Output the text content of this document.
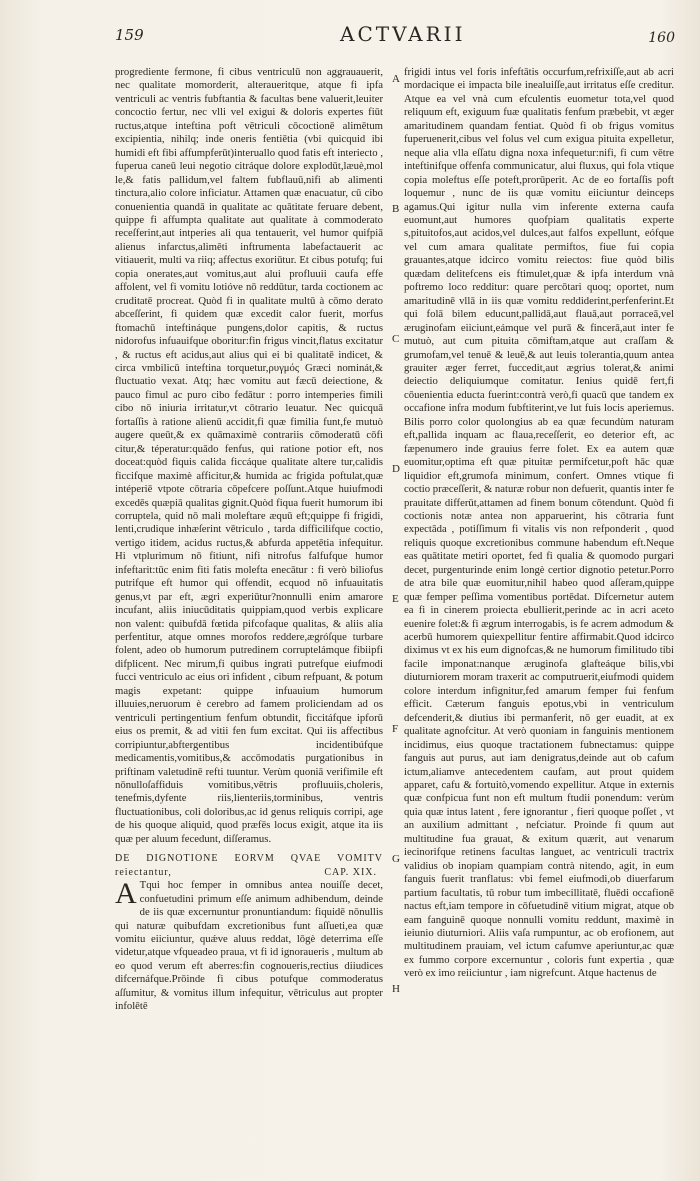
159	ACTVARII	160

progrediente fermone, fi cibus ventriculū non aggrauauerit, nec qualitate momorderit, alteraueritque, atque fi ipfa ventriculi ac ventris fubftantia & facultas bene valuerit,leuiter concoctio fertur, nec vlli vel exigui & doloris expertes fiūt ructus,atque inteftina poft vētriculi cōcoctionē alimētum excipientia, nihilq; inde oneris fentiētia (vbi quicquid ibi humidi eft fibi affumpferūt)interuallo quod fatis eft interiecto , fuperua caneū leui negotio citráque dolore explodūt,læuè,mol le,& fatis pallidum,vel faltem fubflauū,nifi ab alimenti tinctura,alio colore inficiatur. Attamen quæ enacuatur, cū cibo conuenientia quandā in qualitate ac quātitate feruare debent, quippe fi affumpta qualitate aut qualitate à commoderato receſferint,aut intperies ali qua tentauerit, vel humor quifpiā alienus infarctus,alimēti inftrumenta labefactauerit ac vitiauerit, multi va riiq; affectus exoriūtur. Et cibus potufq; fui copia onerates,aut vomitus,aut alui profluuii caufa effe affolent, vel fi vomitu lotióve nō reddūtur, tarda coctionem ac cruditatē procreat. Quòd fi in qualitate multū à cōmo derato abceſſerint, fi quidem quæ excedit calor fuerit, morfus ftomachū inteftináque pungens,dolor capitis, & ructus nidorofus infuauifque oboritur:fin frigus vincit,flatus excitatur , & ructus eft acidus,aut alius qui ei bi qualitatē indicet, & circa vmbilicū inteftina torquetur,ρυγμός Græci nominát,& fluctuatio vexat. Atq; hæc vomitu aut fæcū deiectione, & pauco fimul ac puro cibo fedātur : porro intemperies fimili cibo nō iniuria irritatur,vt cōtrario leuatur. Nec quicquā fortaſſis à ratione alienū accidit,fi quæ fimilia funt,fe mutuò augere queūt,& ex quāmaximè contrariis cōmoderatū cōfi citur,& téperatur:quādo fenfus, qui ratione potior eft, nos doceat:quòd fiquis calida ficcáque qualitate altere tur,calidis ficcifque maximè afficitur,& humida ac frigida poftulat,quæ intéperiē vtpote cōtraria cōpefcere poſſunt.Atque huiufmodi excedēs quæpiā qualitas gignit.Quòd fiqua fuerit humorum ibi corruptela, quid nō mali moleftare æquū eft;quippe fi frigidi, lenti,crudique inhæſerint vētriculo , tarda difficilifque coctio, vertigo itidem, acidus ructus,& abfurda appetētia infequitur. Hi vtplurimum nō fitiunt, nifi nitrofus falfufque humor infeftarit:tūc enim fiti fatis molefta enecātur : fi verò biliofus putrifque eft humor qui offendit, ecquod nō infuauitatis genus,vt par eft, ægri experiūtur?nonnulli enim amarore incufant, aliis iniucūditatis quippiam,quod verbis explicare non valent: quibufdā fœtida pifcofaque qualitas, & aliis alia perfentitur, atque omnes morofos reddere,ægróſque turbare folent, adeo ob humorum putredinem corruptelámque fibiipfi difplicent. Nec mirum,fi quibus ingrati putrefque eiufmodi fucci ventriculo ac eius ori infident , cibum refpuant, & potum magis expetant: quippe infuauium humorum illuuies,neruorum è cerebro ad famem proliciendam ad os ventriculi pertingentium fenfum obtundit, ficcitáfque ipforū eius os premit, & ad vitii fen fum excitat. Qui iis affectibus corripiuntur,abftergentibus incidentibúfque medicamentis,vomitibus,& accōmodatis purgationibus in priftinam valetudinē refti tuuntur. Verùm quoniā verifimile eft nōnulloſaffiduis vomitibus,vētris profluuiis,choleris, tenefmis,dyfente riis,lienteriis,torminibus, ventris fluctuationibus, coli doloribus,ac id genus reliquis corripi, age de his quoque aliquid, quod præfēs locus exigit, atque ita iis quæ per aluum fecedunt, diſſeramus.

DE DIGNOTIONE EORVM QVAE VOMITV reiectantur,	CAP. XIX.

A Tqui hoc femper in omnibus antea nouiſſe decet, confuetudini primum eſſe animum adhibendum, deinde de iis quæ excernuntur pronuntiandum: fiquidē nōnullis qui naturæ quibufdam excretionibus funt aſſueti,ea quæ vomitu eiiciuntur, quǽve aluus reddat, lōgè deterrima eſſe videtur,atque vfqueadeo praua, vt fi id ignoraueris , multum ab eo quod verum eft aberres:fin cognoueris,rectius diiudices difcernáfque.Prōinde fi cibus potufque commoderatus aſſumitur, & vomitus illum infequitur, vētriculus aut propter infolētē

A
B
C
D
E
F
G
H

frigidi intus vel foris infeftātis occurfum,refrixiſſe,aut ab acri mordacique ei impacta bile inealuiſſe,aut irritatus eſſe creditur. Atque ea vel vnà cum efculentis euometur tota,vel quod reliquum eft, exiguum fuæ qualitatis fenfum præbebit, vt æger amaritudinem quandam fentiat. Quòd fi ob frigus vomitus fuperuenerit,cibus vel folus vel cum exigua pituita expelletur, neque alia vlla eſſatu digna noxa infequetur:nifi, fi cum vētre inteftinifque offenfa communicatur, alui fluxus, qui fola vtique copia moleftus eſſe poteft,prorūperit. Ac de eo fortaſſis poft loquemur , nunc de iis quæ vomitu eiiciuntur deinceps agamus.Qui igitur nulla vim inferente externa caufa euomunt,aut humores quofpiam qualitatis experte s,pituitofos,aut acidos,vel dulces,aut falfos expellunt, eófque vel cum amara qualitate permiftos, fiue fui copia grauantes,atque idcirco vomitu reiectos: fiue quòd bilis quædam delitefcens eis ftimulet,quæ & ipfa interdum vnà poftremo loco redditur: quare percōtari quoq; oportet, num amaritudinē vllā in iis quæ vomitu reddiderint,perfenferint.Et qui folā bilem educunt,pallidā,aut flauā,aut porraceā,vel æruginofam eiiciunt,eámque vel purā & fincerā,aut inter fe mutuò, aut cum pituita cōmiftam,atque aut craſſam & grumofam,vel tenuē & leuē,& aut leuis tolerantia,quum antea grauiter æger ferret, fuccedit,aut ægrius tolerat,& animi deiectio deliquiumque comitatur. Ienius quidē fert,fi cōuenientia educta fuerint:contrà verò,fi quacū que tandem ex occafione infra modum fubftiterint,ve lut fuis locis aperiemus. Bilis porro color quolongius ab ea quæ fecundùm naturam eft,pallida inquam ac flaua,receſſerit, eo deterior eft, ac fæpenumero inde grauius ferre folet. Ex ea autem quæ euomitur,optima eft quæ pituitæ permifcetur,poft hāc quæ liquidior eft,grumofa minimum, confert. Omnes vtique fi coctio præceſſerit, & naturæ robur non defuerit, quantis inter fe prauitate differūt,attamen ad finem bonum cōtendunt. Quòd fi coctionis notæ antea non apparuerint, his cōtraria funt expectāda , potiſſimum fi vitalis vis non refponderit , quod reliquis quoque excretionibus commune habendum eft.Neque eas quātitate metiri oportet, fed fi qualia & quomodo purgari decet, purgenturinde enim longè certior dignotio petetur.Porro de atra bile quæ euomitur,nihil habeo quod aſſeram,quippe quæ femper peſſima vomentibus portēdat. Difcernetur autem ea fi in cinerem proiecta ebullierit,perinde ac in acri aceto euenire folet:& fi ægrum interrogabis, is fe acrem admodum & acerbū humorem quiexpellitur fentire affirmabit.Quod idcirco diximus vt ex his eum dignofcas,& ne humorum fimilitudo tibi facile imponat:nanque æruginofa glafteáque bilis,vbi diuturniorem moram traxerit ac computruerit,eiufmodi quidem colore interdum infignitur,fed amarum femper fui fenfum efficit. Cæterum fanguis epotus,vbi in ventriculum defcenderit,& diutius ibi permanferit, nō ger euadit, at ex qualitate agnofcitur. At verò quoniam in fanguinis mentionem incidimus, eius quoque tractationem fubnectamus: quippe fanguis aut purus, aut iam denigratus,deinde aut ob cafum ictum,aliamve antecedentem caufam, aut prout quidem apparet, cafu & fortuitò,vomendo expellitur. Atque in externis quæ confpicua funt non eft multum ftudii ponendum: verùm quia quæ intus latent , fere ignorantur , fieri quoque poſſet , vt an auxilium admittant , nefciatur. Proinde fi quum aut multitudine fua grauat, & exitum quærit, aut venarum iecinorifque retinens facultas languet, ac ventriculi tractrix validius ob inopiam quampiam contrà nitendo, agit, in eum fanguis fuerit tranflatus: vbi femel eiufmodi,ob diuerfarum partium facultatis, tū robur tum imbecillitatē, fluēdi occafionē nactus eft,iam tempore in cōfuetudinē vitium migrat, atque ob eam fanguinē quoque nonnulli vomitu reddunt, maximè in ieiunio diuturniori. Aliis vaſa rumpuntur, ac ob erofionem, aut multitudinem prauiam, vel ictum cafumve aperiuntur,ac quæ ex fummo corpore excernuntur , coloris funt expertia , quæ verò ex imo reiiciuntur , iam nigrefcunt. Atque hactenus de
